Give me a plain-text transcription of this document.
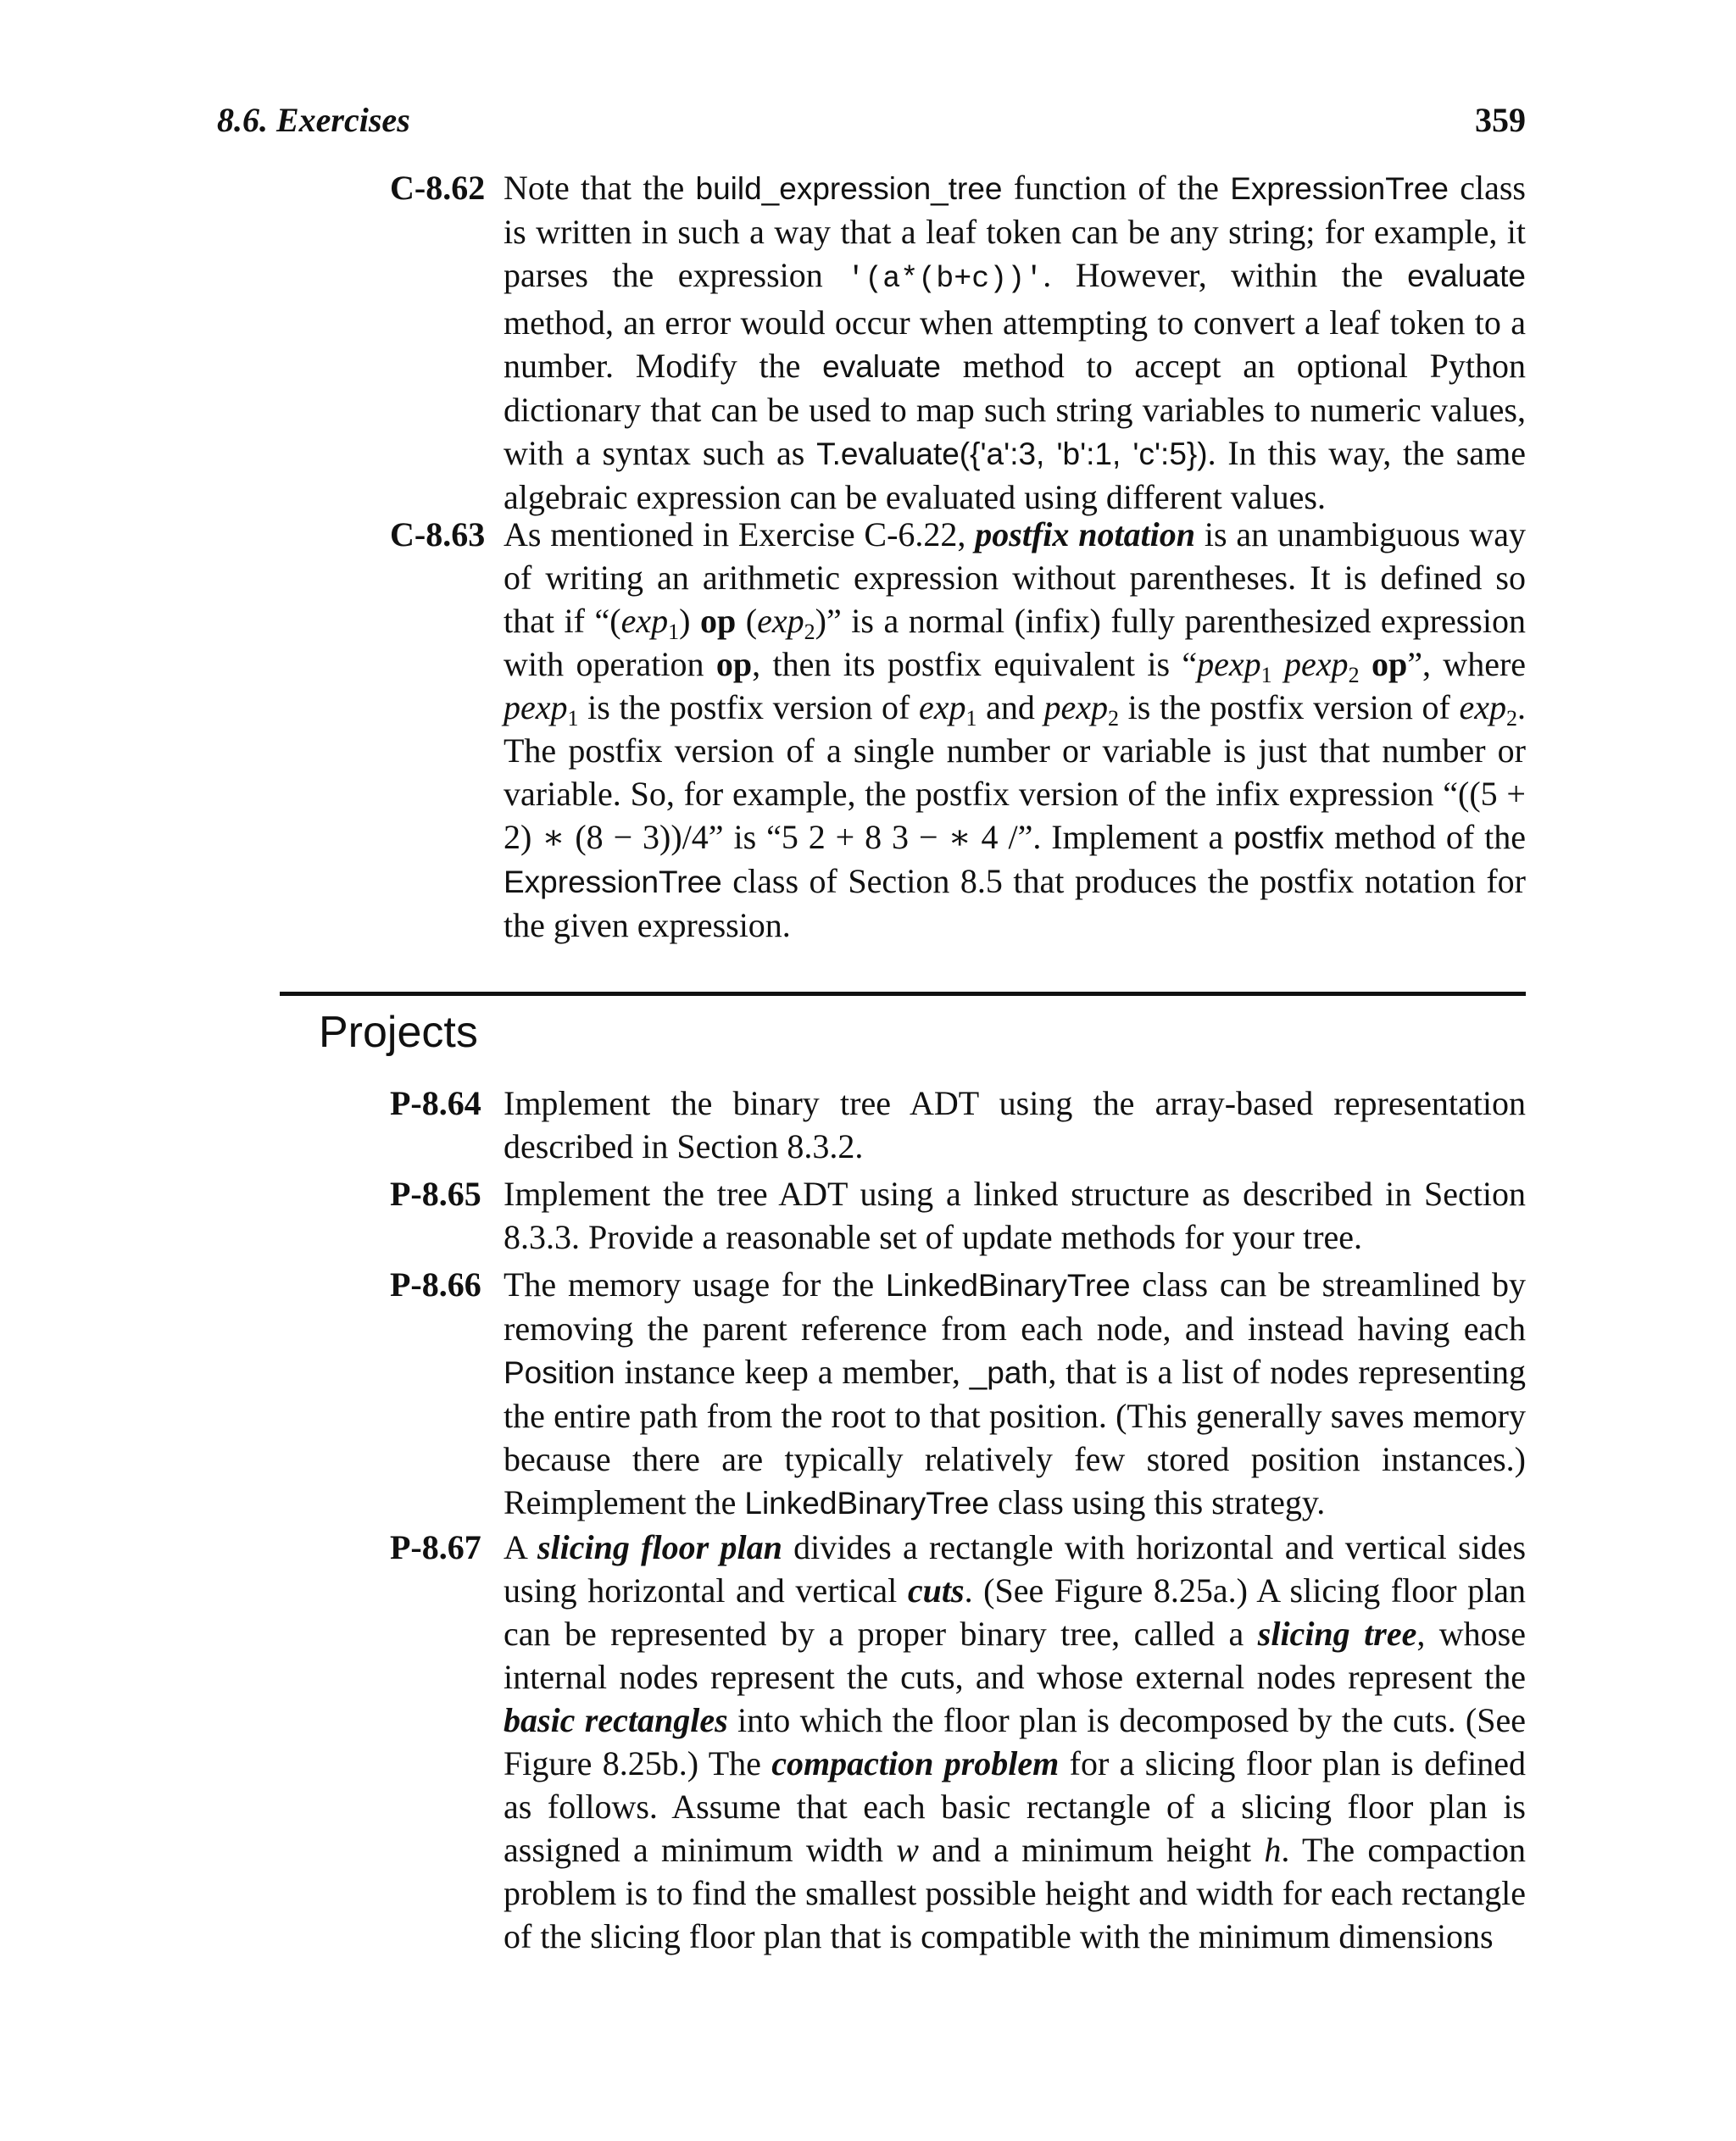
8.6. Exercises	359
C-8.62 Note that the build_expression_tree function of the ExpressionTree class is written in such a way that a leaf token can be any string; for example, it parses the expression '(a*(b+c))'. However, within the evaluate method, an error would occur when attempting to convert a leaf token to a number. Modify the evaluate method to accept an optional Python dictionary that can be used to map such string variables to numeric values, with a syntax such as T.evaluate({'a':3, 'b':1, 'c':5}). In this way, the same algebraic expression can be evaluated using different values.
C-8.63 As mentioned in Exercise C-6.22, postfix notation is an unambiguous way of writing an arithmetic expression without parentheses. It is defined so that if “$(\exp_1)$ op $(\exp_2)$” is a normal (infix) fully parenthesized expression with operation op, then its postfix equivalent is “pexp$_1$ pexp$_2$ op”, where pexp$_1$ is the postfix version of $\exp_1$ and pexp$_2$ is the postfix version of $\exp_2$. The postfix version of a single number or variable is just that number or variable. So, for example, the postfix version of the infix expression “((5 + 2) ∗ (8 − 3))/4” is “5 2 + 8 3 − ∗ 4 /”. Implement a postfix method of the ExpressionTree class of Section 8.5 that produces the postfix notation for the given expression.
Projects
P-8.64 Implement the binary tree ADT using the array-based representation described in Section 8.3.2.
P-8.65 Implement the tree ADT using a linked structure as described in Section 8.3.3. Provide a reasonable set of update methods for your tree.
P-8.66 The memory usage for the LinkedBinaryTree class can be streamlined by removing the parent reference from each node, and instead having each Position instance keep a member, _path, that is a list of nodes representing the entire path from the root to that position. (This generally saves memory because there are typically relatively few stored position instances.) Reimplement the LinkedBinaryTree class using this strategy.
P-8.67 A slicing floor plan divides a rectangle with horizontal and vertical sides using horizontal and vertical cuts. (See Figure 8.25a.) A slicing floor plan can be represented by a proper binary tree, called a slicing tree, whose internal nodes represent the cuts, and whose external nodes represent the basic rectangles into which the floor plan is decomposed by the cuts. (See Figure 8.25b.) The compaction problem for a slicing floor plan is defined as follows. Assume that each basic rectangle of a slicing floor plan is assigned a minimum width w and a minimum height h. The compaction problem is to find the smallest possible height and width for each rectangle of the slicing floor plan that is compatible with the minimum dimensions
